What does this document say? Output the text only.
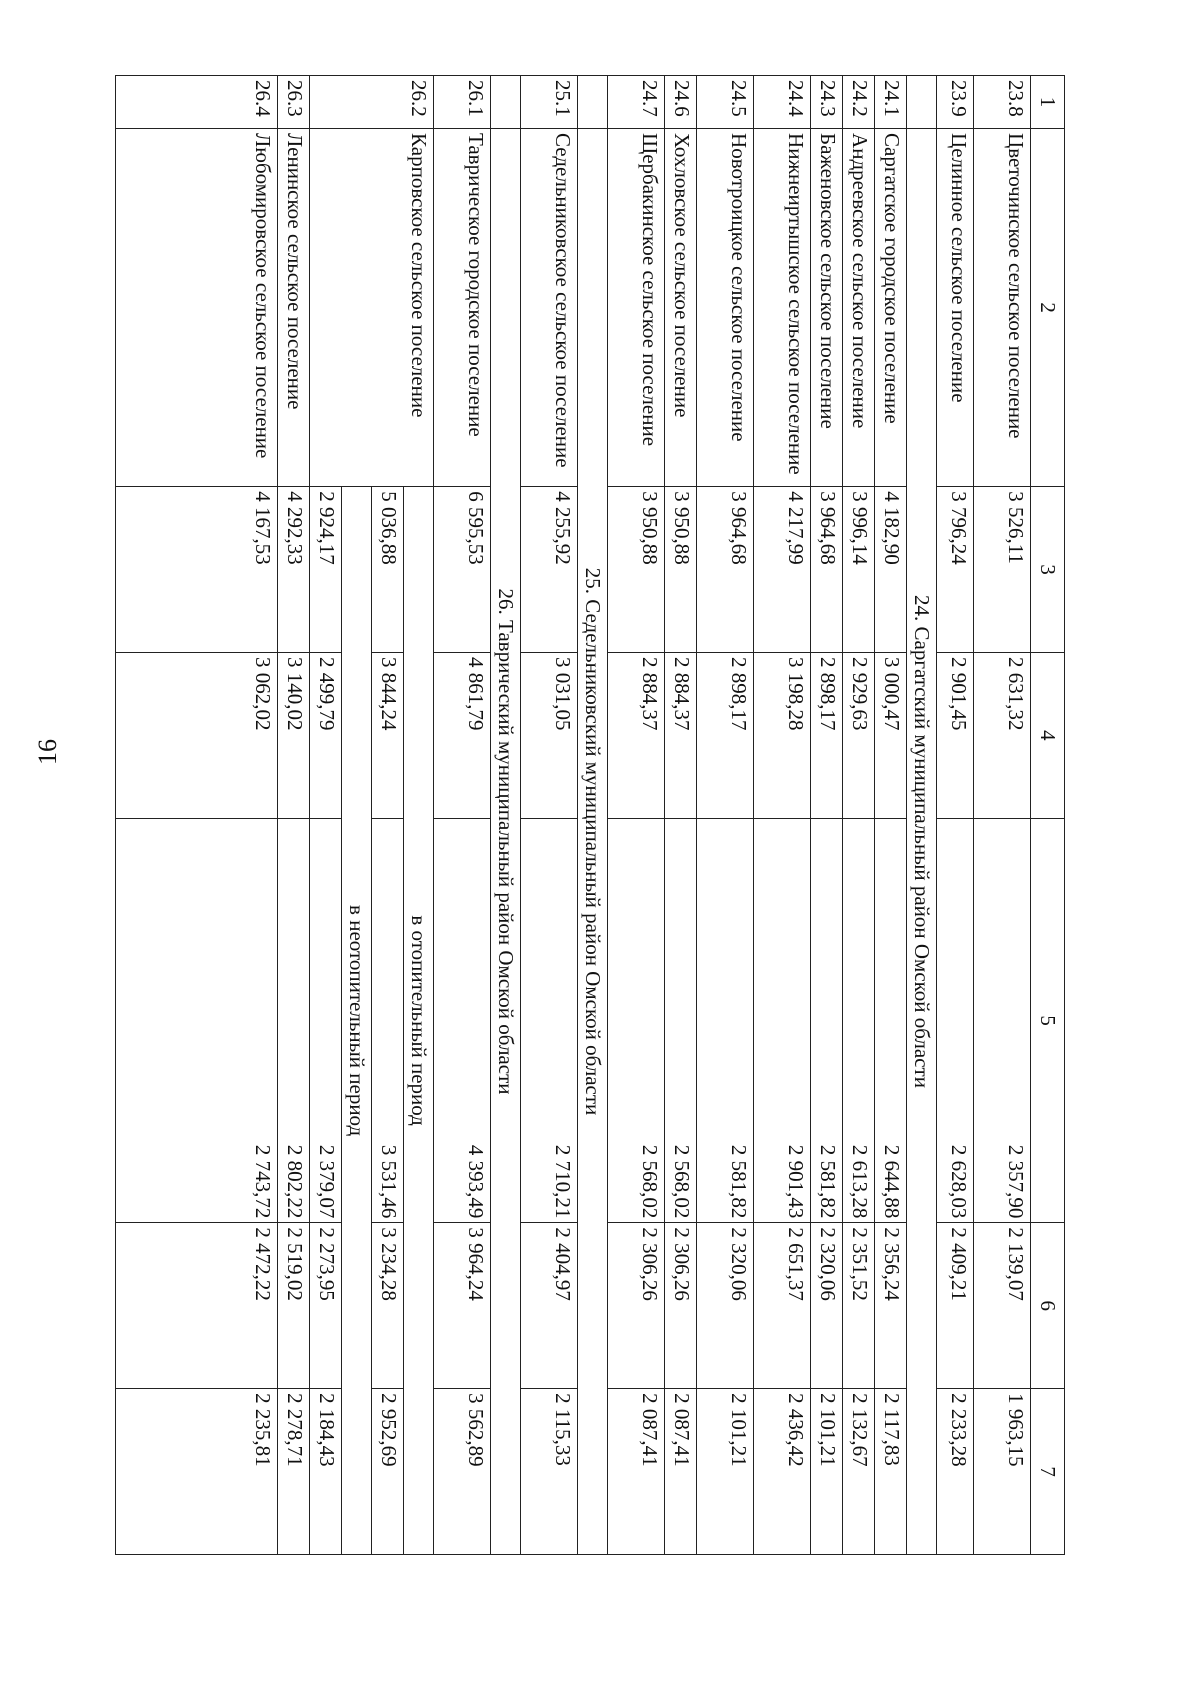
16
1	2	3	4	5	6	7
23.8	Цветочинское сельское поселение	3 526,11	2 631,32	2 357,90	2 139,07	1 963,15
23.9	Целинное сельское поселение	3 796,24	2 901,45	2 628,03	2 409,21	2 233,28
	24. Саргатский муниципальный район Омской области					
24.1	Саргатское городское поселение	4 182,90	3 000,47	2 644,88	2 356,24	2 117,83
24.2	Андреевское сельское поселение	3 996,14	2 929,63	2 613,28	2 351,52	2 132,67
24.3	Баженовское сельское поселение	3 964,68	2 898,17	2 581,82	2 320,06	2 101,21
24.4	Нижнеиртышское сельское поселение	4 217,99	3 198,28	2 901,43	2 651,37	2 436,42
24.5	Новотроицкое сельское поселение	3 964,68	2 898,17	2 581,82	2 320,06	2 101,21
24.6	Хохловское сельское поселение	3 950,88	2 884,37	2 568,02	2 306,26	2 087,41
24.7	Щербакинское сельское поселение	3 950,88	2 884,37	2 568,02	2 306,26	2 087,41
	25. Седельниковский муниципальный район Омской области					
25.1	Седельниковское сельское поселение	4 255,92	3 031,05	2 710,21	2 404,97	2 115,33
	26. Таврический муниципальный район Омской области					
26.1	Таврическое городское поселение	6 595,53	4 861,79	4 393,49	3 964,24	3 562,89
26.2	Карповское сельское поселение	в отопительный период				
		5 036,88	3 844,24	3 531,46	3 234,28	2 952,69
		в неотопительный период				
		2 924,17	2 499,79	2 379,07	2 273,95	2 184,43
26.3	Ленинское сельское поселение	4 292,33	3 140,02	2 802,22	2 519,02	2 278,71
26.4	Любомировское сельское поселение	4 167,53	3 062,02	2 743,72	2 472,22	2 235,81
